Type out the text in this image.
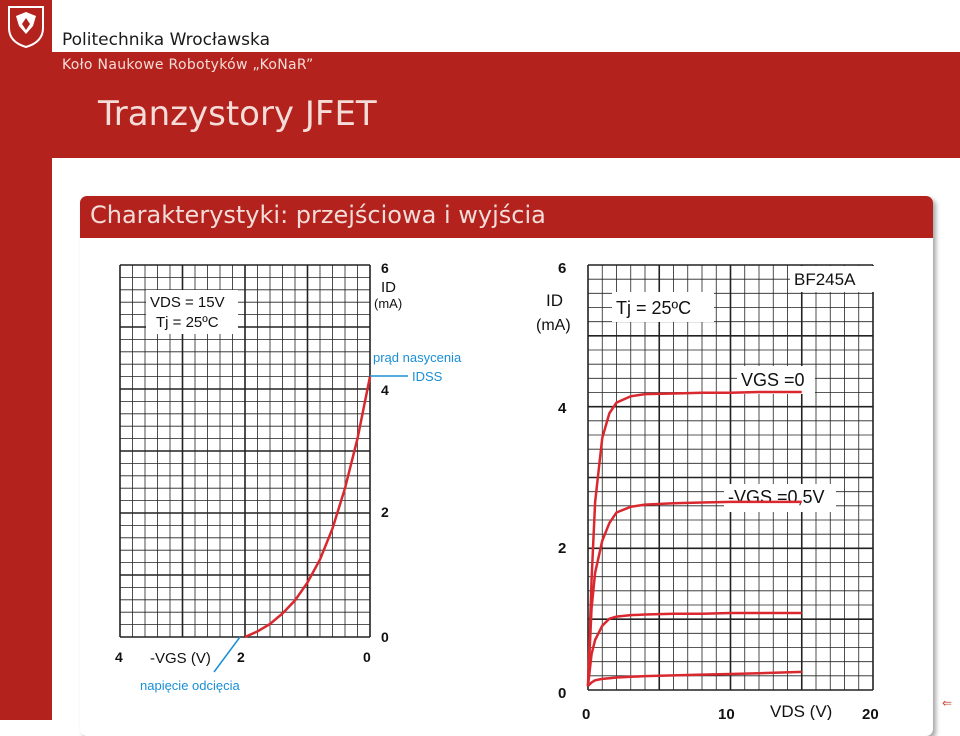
Politechnika Wrocławska
Koło Naukowe Robotyków „KoNaR”
Tranzystory JFET
Charakterystyki: przejściowa i wyjścia
VDS = 15V
Tj = 25ºC
6
ID
(mA)
4
2
0
prąd nasycenia
IDSS
4 -VGS (V) 2	0
napięcie odcięcia
6
ID
(mA)
4
2
0
BF245A
Tj = 25ºC
VGS =0
-VGS =0,5V
0	10 VDS (V) 20
⇐
